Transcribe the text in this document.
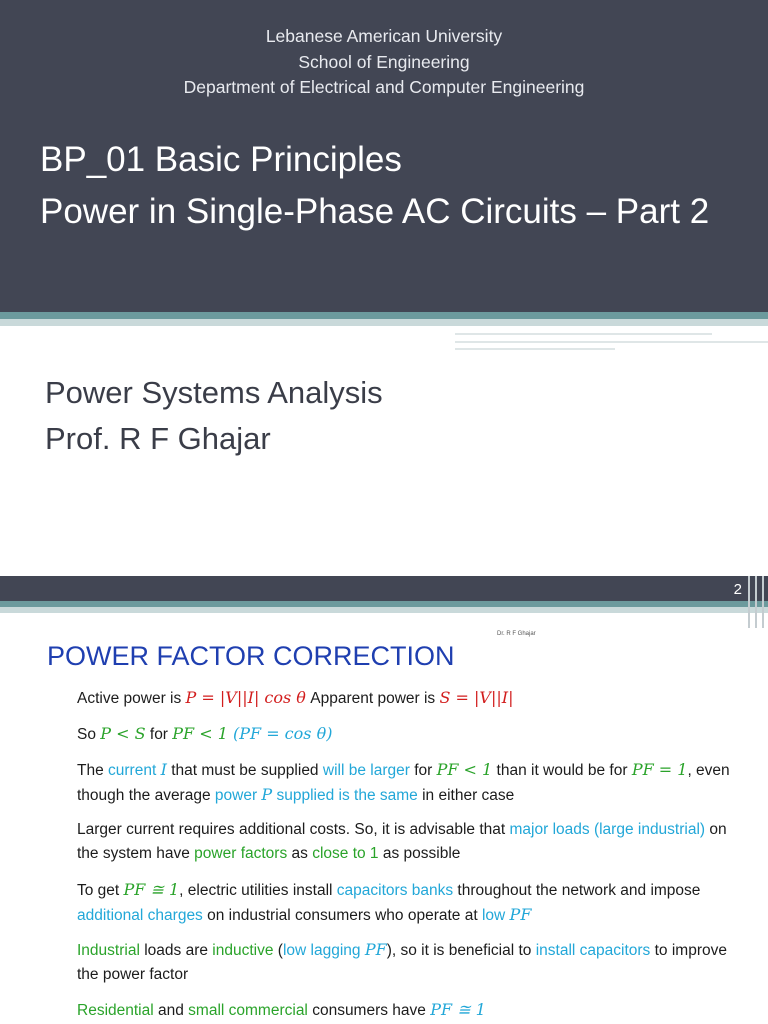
Lebanese American University
School of Engineering
Department of Electrical and Computer Engineering
BP_01 Basic Principles
Power in Single-Phase AC Circuits – Part 2
Power Systems Analysis
Prof. R F Ghajar
2
Dr. R F Ghajar
POWER FACTOR CORRECTION
Active power is P = |V||I| cos θ Apparent power is S = |V||I|
So P < S for PF < 1 (PF = cos θ)
The current I that must be supplied will be larger for PF < 1 than it would be for PF = 1, even though the average power P supplied is the same in either case
Larger current requires additional costs. So, it is advisable that major loads (large industrial) on the system have power factors as close to 1 as possible
To get PF ≅ 1, electric utilities install capacitors banks throughout the network and impose additional charges on industrial consumers who operate at low PF
Industrial loads are inductive (low lagging PF), so it is beneficial to install capacitors to improve the power factor
Residential and small commercial consumers have PF ≅ 1
